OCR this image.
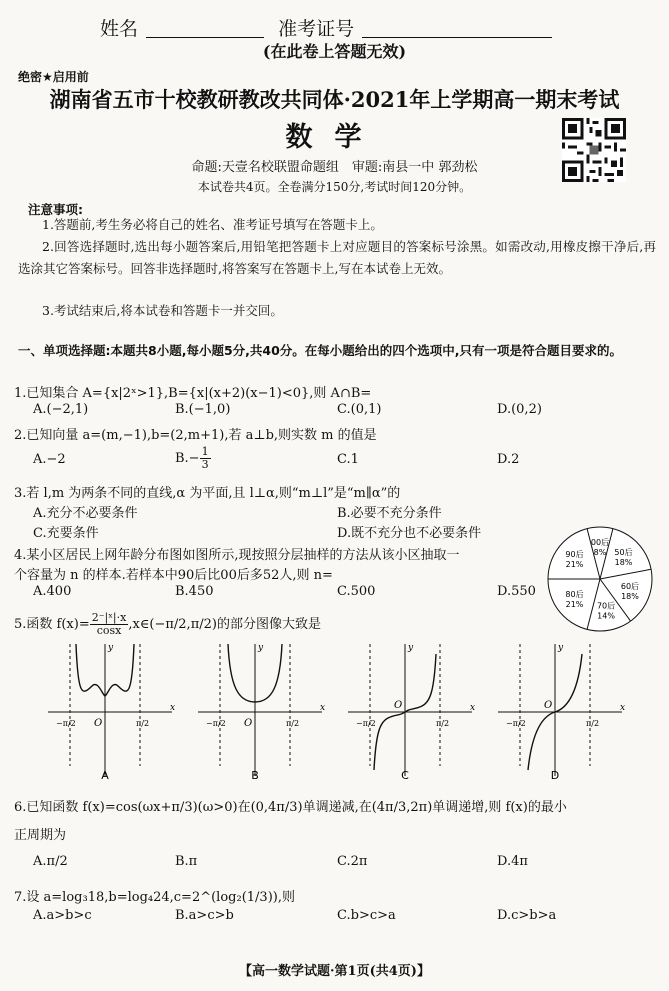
姓名	准考证号
(在此卷上答题无效)
绝密★启用前
湖南省五市十校教研教改共同体·2021年上学期高一期末考试
数学
命题:天壹名校联盟命题组　审题:南县一中 郭劲松
本试卷共4页。全卷满分150分,考试时间120分钟。
注意事项:
1.答题前,考生务必将自己的姓名、准考证号填写在答题卡上。
2.回答选择题时,选出每小题答案后,用铅笔把答题卡上对应题目的答案标号涂黑。如需改动,用橡皮擦干净后,再选涂其它答案标号。回答非选择题时,将答案写在答题卡上,写在本试卷上无效。
3.考试结束后,将本试卷和答题卡一并交回。
一、单项选择题:本题共8小题,每小题5分,共40分。在每小题给出的四个选项中,只有一项是符合题目要求的。
1.已知集合 A={x|2ˣ>1},B={x|(x+2)(x−1)<0},则 A∩B=
A.(−2,1)	B.(−1,0)	C.(0,1)	D.(0,2)
2.已知向量 a=(m,−1),b=(2,m+1),若 a⊥b,则实数 m 的值是
A.−2	$B.- \frac{1}{3}$	C.1	D.2
3.若 l,m 为两条不同的直线,α 为平面,且 l⊥α,则“m⊥l”是“m∥α”的
A.充分不必要条件	B.必要不充分条件
C.充要条件	D.既不充分也不必要条件
4.某小区居民上网年龄分布图如图所示,现按照分层抽样的方法从该小区抽取一
个容量为 n 的样本.若样本中90后比00后多52人,则 n=
A.400	B.450	C.500	D.550
00后
8% 50后
18%
60后
18%
70后
14%
80后
21%
90后
21%
5.函数 $f(x)= \frac{\text{2⁻|ˣ|·x}}{\cos x}$ ,x∈(−π/2,π/2)的部分图像大致是
y
x
O
−π/2	π/2
A
y
x
O
−π/2	π/2
B
y
x
O
−π/2	π/2
C
y
x
O
−π/2	π/2
D
6.已知函数 f(x)=cos(ωx+π/3)(ω>0)在(0,4π/3)单调递减,在(4π/3,2π)单调递增,则 f(x)的最小
正周期为
A.π/2	B.π	C.2π	D.4π
7.设 a=log₃18,b=log₄24,c=2^(log₂(1/3)),则
A.a>b>c	B.a>c>b	C.b>c>a	D.c>b>a
【高一数学试题·第1页(共4页)】
